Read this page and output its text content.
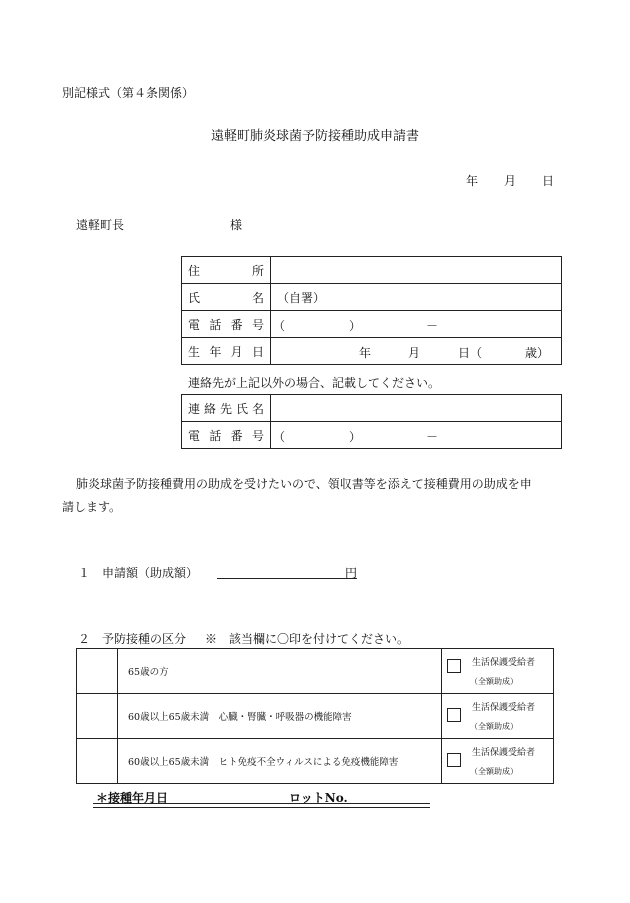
別記様式（第４条関係）
遠軽町肺炎球菌予防接種助成申請書
年 月 日
遠軽町長	様
住　　所	

氏　　名	（自署）

電話番号	（ ） －

生年月日	年 月 日（ 歳）
連絡先が上記以外の場合、記載してください。
連絡先氏名	

電話番号	（ ） －
肺炎球菌予防接種費用の助成を受けたいので、領収書等を添えて接種費用の助成を申
請します。
１ 申請額（助成額）	円
２ 予防接種の区分 ※　該当欄に〇印を付けてください。
	65歳の方	生活保護受給者
（全額助成）

	60歳以上65歳未満　心臓・腎臓・呼吸器の機能障害	生活保護受給者
（全額助成）

	60歳以上65歳未満　ヒト免疫不全ウィルスによる免疫機能障害	生活保護受給者
（全額助成）
＊接種年月日	ロットNo.
